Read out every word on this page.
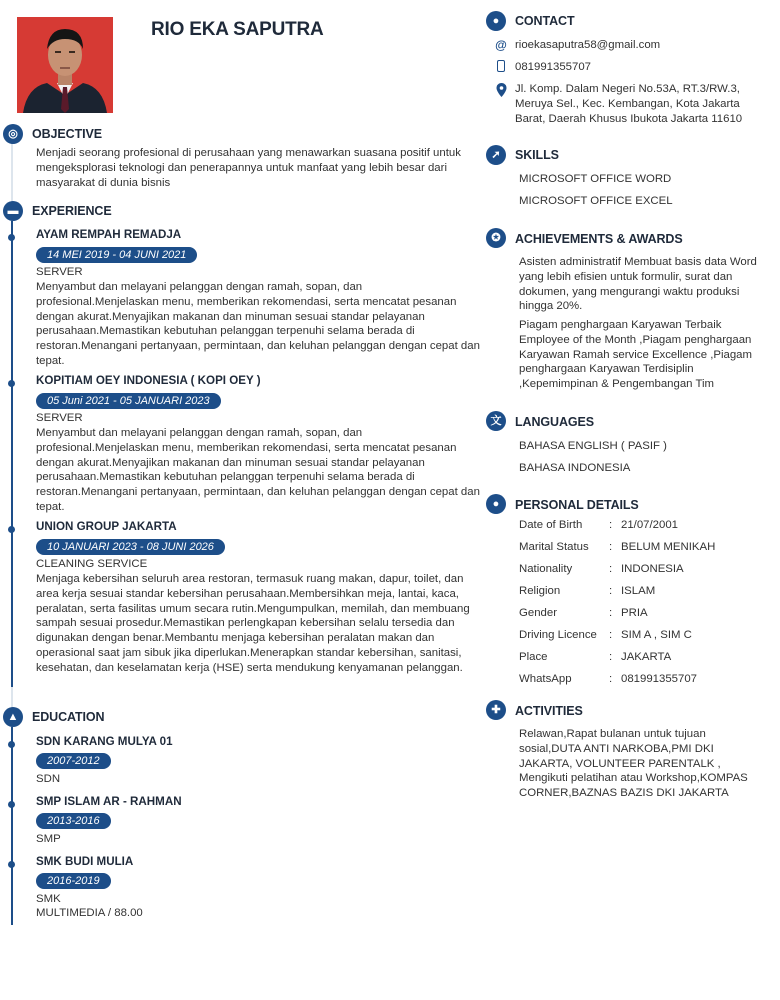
RIO EKA SAPUTRA
◎	OBJECTIVE
Menjadi seorang profesional di perusahaan yang menawarkan suasana positif untuk mengeksplorasi teknologi dan penerapannya untuk manfaat yang lebih besar dari masyarakat di dunia bisnis
▬	EXPERIENCE
AYAM REMPAH REMADJA
14 MEI 2019 - 04 JUNI 2021
SERVER
Menyambut dan melayani pelanggan dengan ramah, sopan, dan profesional.Menjelaskan menu, memberikan rekomendasi, serta mencatat pesanan dengan akurat.Menyajikan makanan dan minuman sesuai standar pelayanan perusahaan.Memastikan kebutuhan pelanggan terpenuhi selama berada di restoran.Menangani pertanyaan, permintaan, dan keluhan pelanggan dengan cepat dan tepat.
KOPITIAM OEY INDONESIA ( KOPI OEY )
05 Juni 2021 - 05 JANUARI 2023
SERVER
Menyambut dan melayani pelanggan dengan ramah, sopan, dan profesional.Menjelaskan menu, memberikan rekomendasi, serta mencatat pesanan dengan akurat.Menyajikan makanan dan minuman sesuai standar pelayanan perusahaan.Memastikan kebutuhan pelanggan terpenuhi selama berada di restoran.Menangani pertanyaan, permintaan, dan keluhan pelanggan dengan cepat dan tepat.
UNION GROUP JAKARTA
10 JANUARI 2023 - 08 JUNI 2026
CLEANING SERVICE
Menjaga kebersihan seluruh area restoran, termasuk ruang makan, dapur, toilet, dan area kerja sesuai standar kebersihan perusahaan.Membersihkan meja, lantai, kaca, peralatan, serta fasilitas umum secara rutin.Mengumpulkan, memilah, dan membuang sampah sesuai prosedur.Memastikan perlengkapan kebersihan selalu tersedia dan digunakan dengan benar.Membantu menjaga kebersihan peralatan makan dan operasional saat jam sibuk jika diperlukan.Menerapkan standar kebersihan, sanitasi, kesehatan, dan keselamatan kerja (HSE) serta mendukung kenyamanan pelanggan.
▲	EDUCATION
SDN KARANG MULYA 01
2007-2012
SDN
SMP ISLAM AR - RAHMAN
2013-2016
SMP
SMK BUDI MULIA
2016-2019
SMK
MULTIMEDIA / 88.00
●	CONTACT
@ rioekasaputra58@gmail.com
081991355707
Jl. Komp. Dalam Negeri No.53A, RT.3/RW.3, Meruya Sel., Kec. Kembangan, Kota Jakarta Barat, Daerah Khusus Ibukota Jakarta 11610
➚	SKILLS
MICROSOFT OFFICE WORD
MICROSOFT OFFICE EXCEL
✪	ACHIEVEMENTS & AWARDS
Asisten administratif Membuat basis data Word yang lebih efisien untuk formulir, surat dan dokumen, yang mengurangi waktu produksi hingga 20%.
Piagam penghargaan Karyawan Terbaik Employee of the Month ,Piagam penghargaan Karyawan Ramah service Excellence ,Piagam penghargaan Karyawan Terdisiplin ,Kepemimpinan & Pengembangan Tim
文	LANGUAGES
BAHASA ENGLISH ( PASIF )
BAHASA INDONESIA
●	PERSONAL DETAILS
Date of Birth	: 21/07/2001
Marital Status	: BELUM MENIKAH
Nationality	: INDONESIA
Religion	: ISLAM
Gender	: PRIA
Driving Licence	: SIM A , SIM C
Place	: JAKARTA
WhatsApp	: 081991355707
✚	ACTIVITIES
Relawan,Rapat bulanan untuk tujuan sosial,DUTA ANTI NARKOBA,PMI DKI JAKARTA, VOLUNTEER PARENTALK , Mengikuti pelatihan atau Workshop,KOMPAS CORNER,BAZNAS BAZIS DKI JAKARTA
